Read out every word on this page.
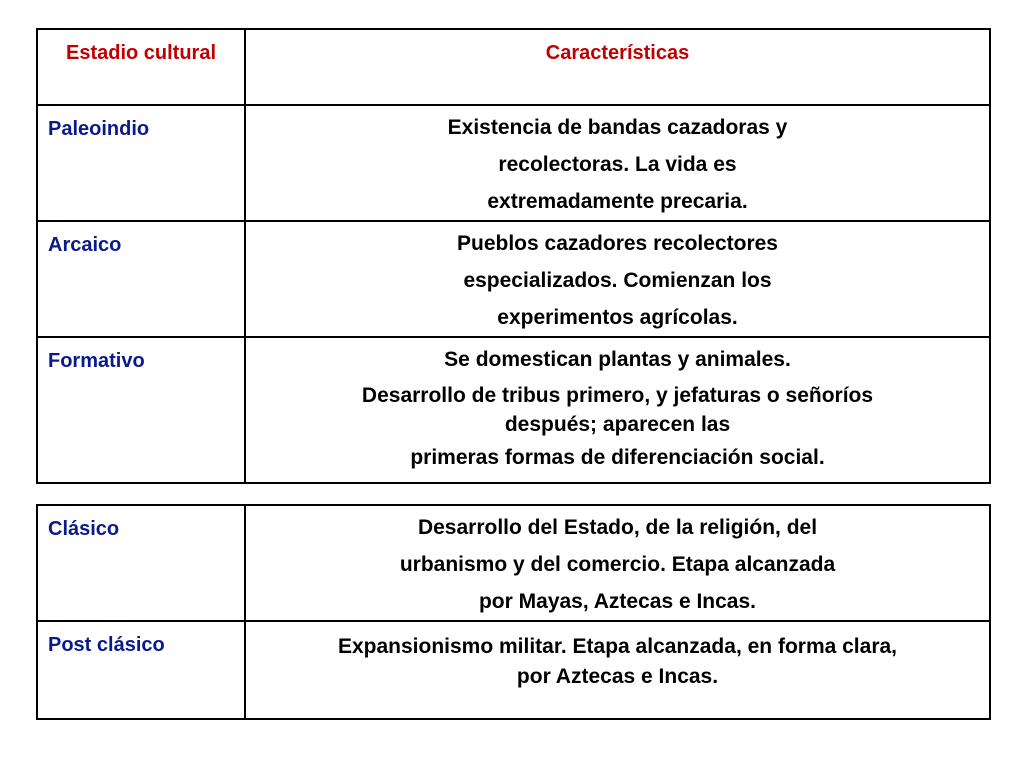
Estadio cultural	Características
Paleoindio	Existencia de bandas cazadoras y
recolectoras. La vida es
extremadamente precaria.

Arcaico	Pueblos cazadores recolectores
especializados. Comienzan los
experimentos agrícolas.

Formativo	Se domestican plantas y animales.
Desarrollo de tribus primero, y jefaturas o señoríos
después; aparecen las
primeras formas de diferenciación social.
Clásico	Desarrollo del Estado, de la religión, del
urbanismo y del comercio. Etapa alcanzada
por Mayas, Aztecas e Incas.

Post clásico	Expansionismo militar. Etapa alcanzada, en forma clara,
por Aztecas e Incas.
